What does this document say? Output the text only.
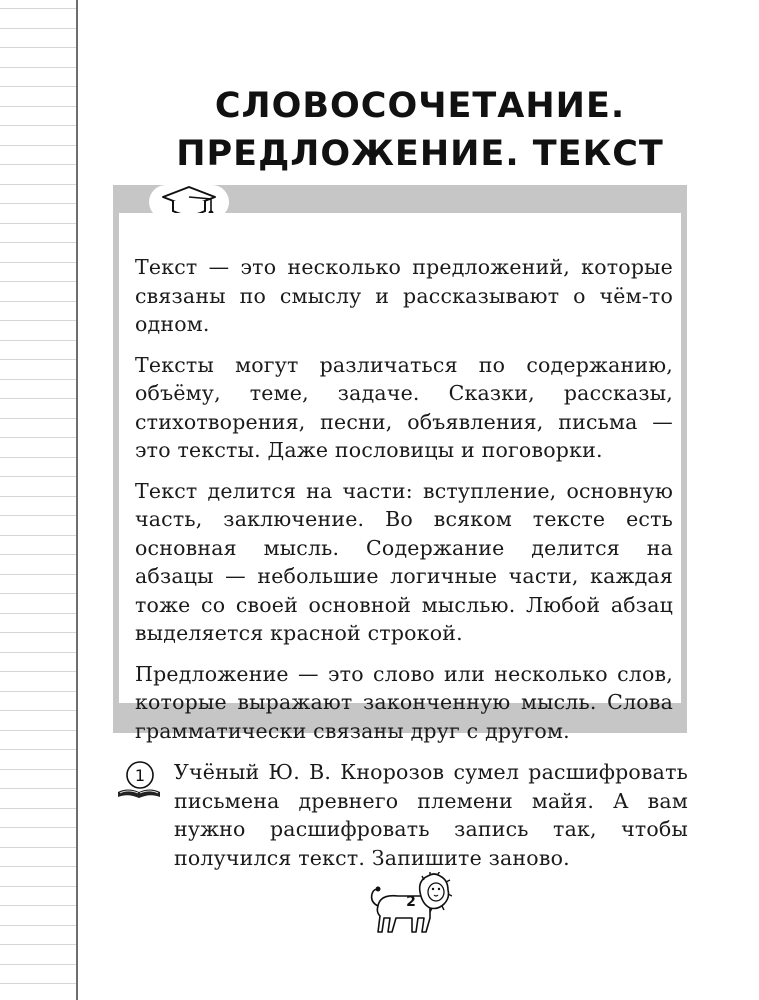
СЛОВОСОЧЕТАНИЕ.
ПРЕДЛОЖЕНИЕ. ТЕКСТ

Текст — это несколько предложений, которые связаны по смыслу и рассказывают о чём-то одном.

Тексты могут различаться по содержанию, объёму, теме, задаче. Сказки, рассказы, стихотворения, песни, объявления, письма — это тексты. Даже пословицы и поговорки.

Текст делится на части: вступление, основную часть, заключение. Во всяком тексте есть основная мысль. Содержание делится на абзацы — небольшие логичные части, каждая тоже со своей основной мыслью. Любой абзац выделяется красной строкой.

Предложение — это слово или несколько слов, которые выражают законченную мысль. Слова грамматически связаны друг с другом.

1 Учёный Ю. В. Кнорозов сумел расшифровать письмена древнего племени майя. А вам нужно расшифровать запись так, чтобы получился текст. Запишите заново.
2
